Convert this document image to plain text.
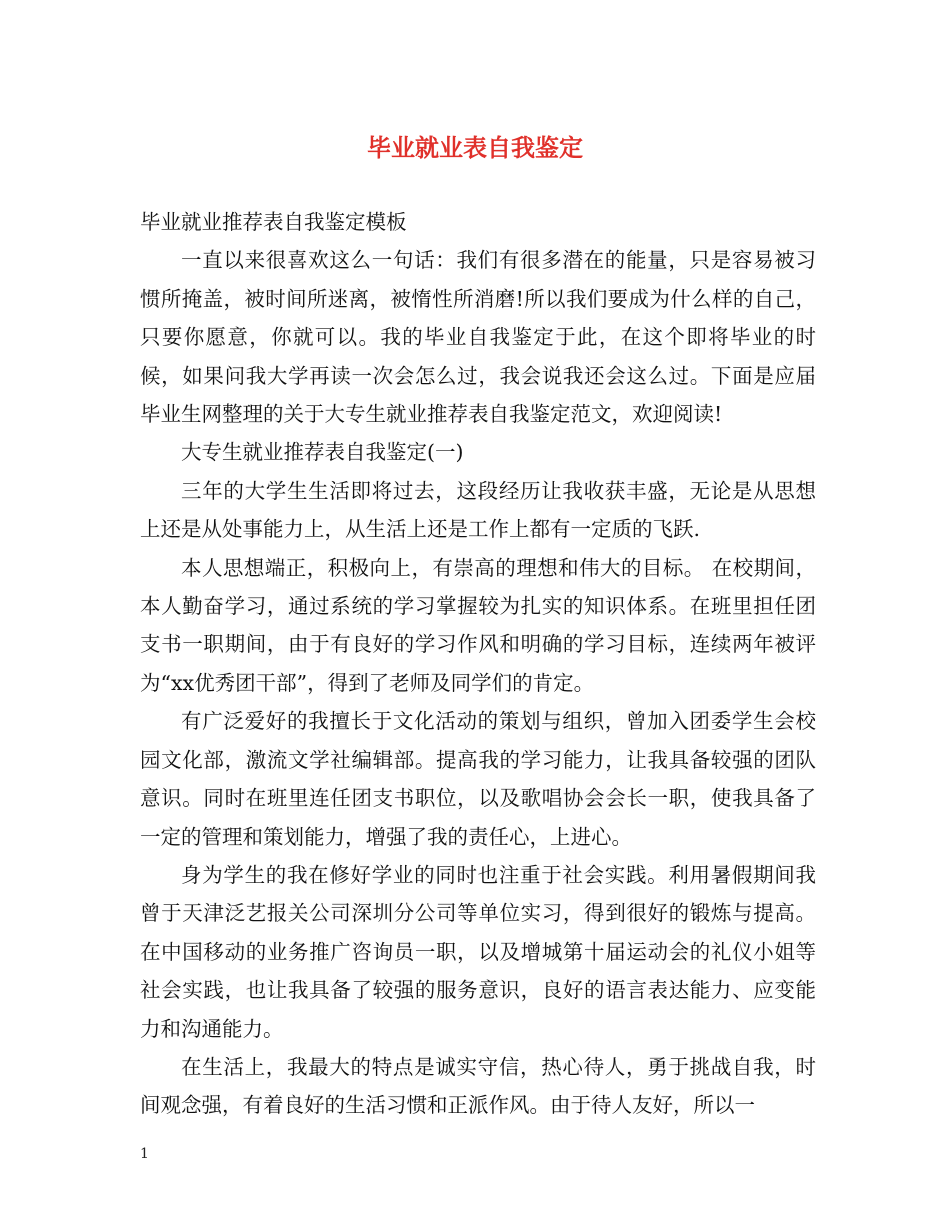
毕业就业表自我鉴定

毕业就业推荐表自我鉴定模板

一直以来很喜欢这么一句话：我们有很多潜在的能量，只是容易被习惯所掩盖，被时间所迷离，被惰性所消磨!所以我们要成为什么样的自己，只要你愿意，你就可以。我的毕业自我鉴定于此，在这个即将毕业的时候，如果问我大学再读一次会怎么过，我会说我还会这么过。下面是应届毕业生网整理的关于大专生就业推荐表自我鉴定范文，欢迎阅读!

大专生就业推荐表自我鉴定(一)

三年的大学生生活即将过去，这段经历让我收获丰盛，无论是从思想上还是从处事能力上，从生活上还是工作上都有一定质的飞跃.

本人思想端正，积极向上，有崇高的理想和伟大的目标。 在校期间，本人勤奋学习，通过系统的学习掌握较为扎实的知识体系。在班里担任团支书一职期间，由于有良好的学习作风和明确的学习目标，连续两年被评为“xx优秀团干部”，得到了老师及同学们的肯定。

有广泛爱好的我擅长于文化活动的策划与组织，曾加入团委学生会校园文化部，激流文学社编辑部。提高我的学习能力，让我具备较强的团队意识。同时在班里连任团支书职位，以及歌唱协会会长一职，使我具备了一定的管理和策划能力，增强了我的责任心，上进心。

身为学生的我在修好学业的同时也注重于社会实践。利用暑假期间我曾于天津泛艺报关公司深圳分公司等单位实习，得到很好的锻炼与提高。在中国移动的业务推广咨询员一职，以及增城第十届运动会的礼仪小姐等社会实践，也让我具备了较强的服务意识，良好的语言表达能力、应变能力和沟通能力。

在生活上，我最大的特点是诚实守信，热心待人，勇于挑战自我，时间观念强，有着良好的生活习惯和正派作风。由于待人友好，所以一

1
